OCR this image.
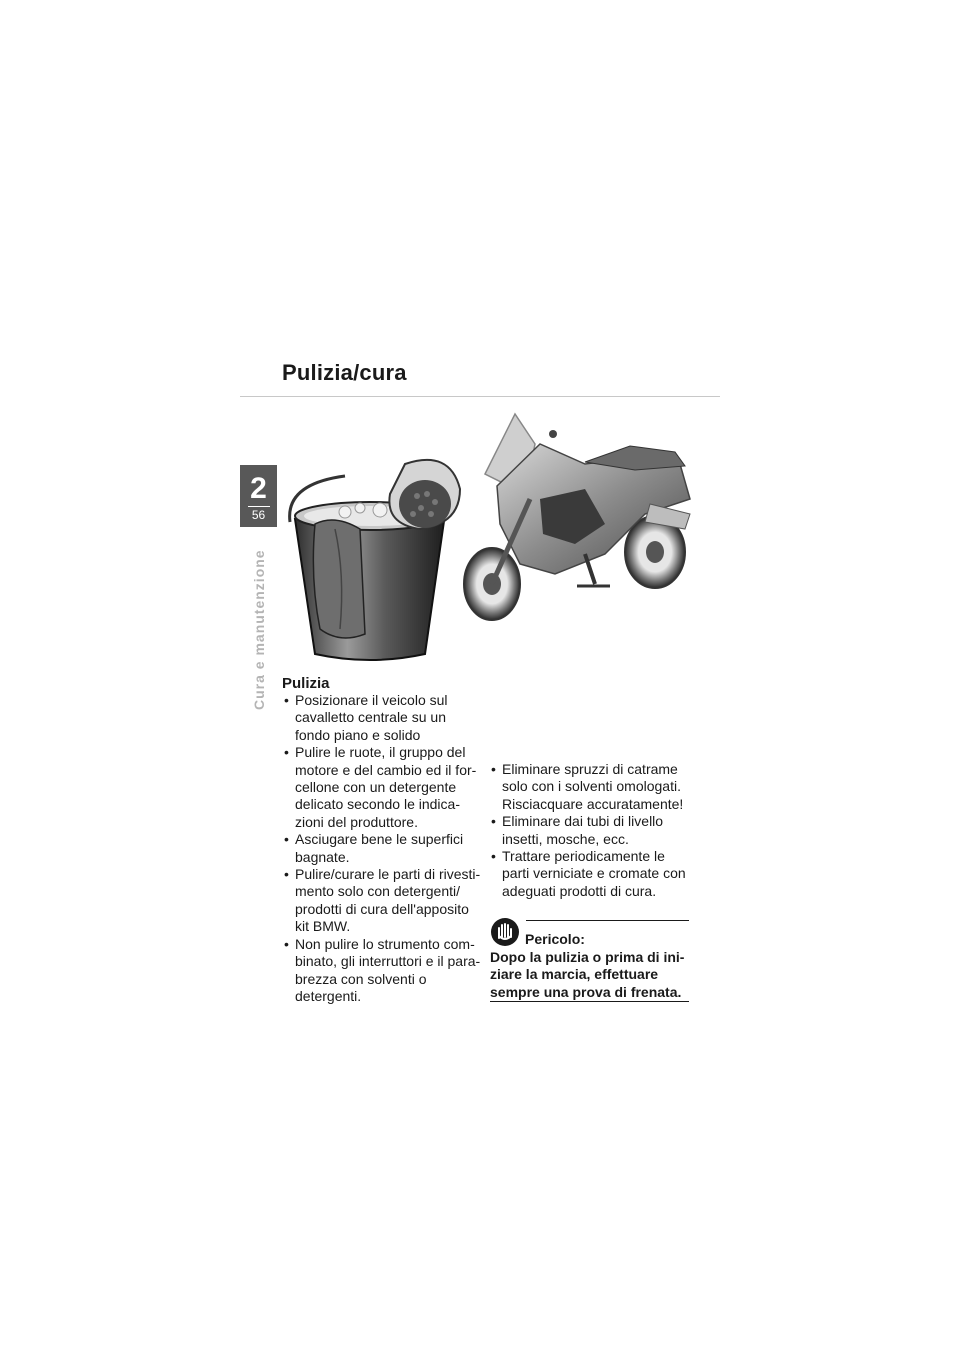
Pulizia/cura
2
56
Cura e manutenzione Pulizia
• Posizionare il veicolo sul cavalletto centrale su un fondo piano e solido
• Pulire le ruote, il gruppo del motore e del cambio ed il for-cellone con un detergente delicato secondo le indica-zioni del produttore.
• Asciugare bene le superfici bagnate.
• Pulire/curare le parti di rivesti-mento solo con detergenti/ prodotti di cura dell'apposito kit BMW.
• Non pulire lo strumento com-binato, gli interruttori e il para-brezza con solventi o detergenti.
• Eliminare spruzzi di catrame solo con i solventi omologati. Risciacquare accuratamente!
• Eliminare dai tubi di livello insetti, mosche, ecc.
• Trattare periodicamente le parti verniciate e cromate con adeguati prodotti di cura.
Pericolo:
Dopo la pulizia o prima di ini-ziare la marcia, effettuare sempre una prova di frenata.
